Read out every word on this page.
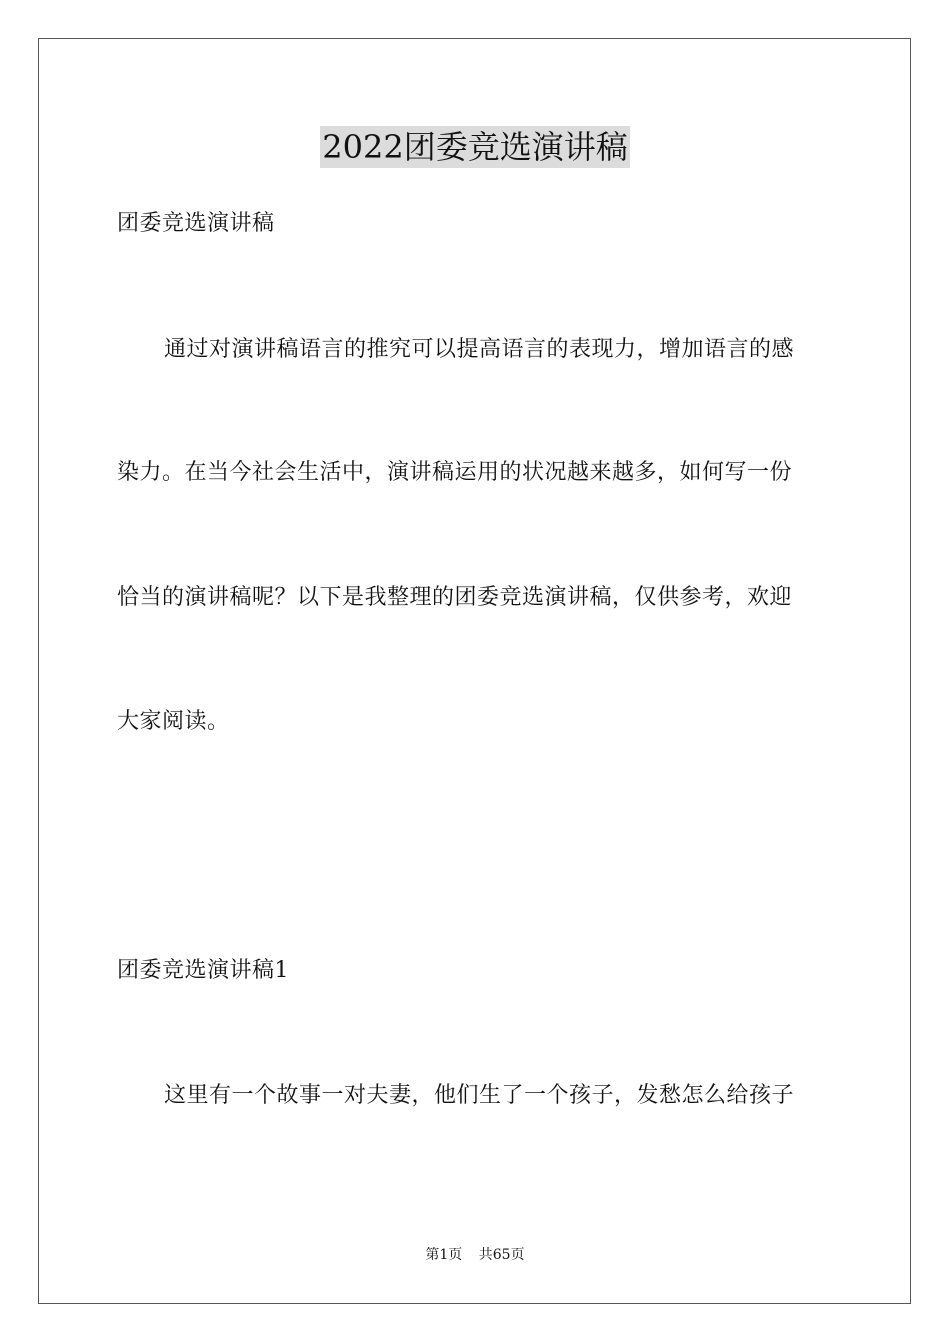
2022团委竞选演讲稿
团委竞选演讲稿
通过对演讲稿语言的推究可以提高语言的表现力，增加语言的感
染力。在当今社会生活中，演讲稿运用的状况越来越多，如何写一份
恰当的演讲稿呢？以下是我整理的团委竞选演讲稿，仅供参考，欢迎
大家阅读。
团委竞选演讲稿1
这里有一个故事一对夫妻，他们生了一个孩子，发愁怎么给孩子
第1页 共65页
